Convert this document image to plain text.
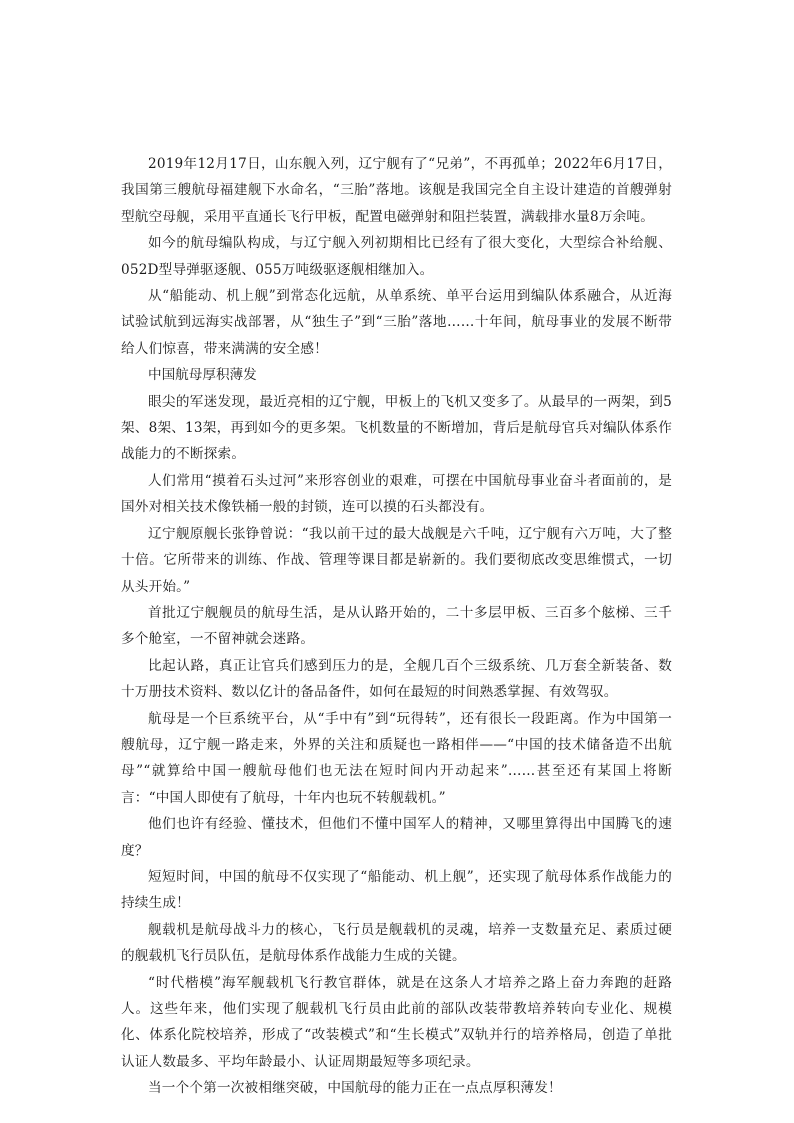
2019年12月17日，山东舰入列，辽宁舰有了“兄弟”，不再孤单；2022年6月17日，我国第三艘航母福建舰下水命名，“三胎”落地。该舰是我国完全自主设计建造的首艘弹射型航空母舰，采用平直通长飞行甲板，配置电磁弹射和阻拦装置，满载排水量8万余吨。

如今的航母编队构成，与辽宁舰入列初期相比已经有了很大变化，大型综合补给舰、052D型导弹驱逐舰、055万吨级驱逐舰相继加入。

从“船能动、机上舰”到常态化远航，从单系统、单平台运用到编队体系融合，从近海试验试航到远海实战部署，从“独生子”到“三胎”落地……十年间，航母事业的发展不断带给人们惊喜，带来满满的安全感！

中国航母厚积薄发

眼尖的军迷发现，最近亮相的辽宁舰，甲板上的飞机又变多了。从最早的一两架，到5架、8架、13架，再到如今的更多架。飞机数量的不断增加，背后是航母官兵对编队体系作战能力的不断探索。

人们常用“摸着石头过河”来形容创业的艰难，可摆在中国航母事业奋斗者面前的，是国外对相关技术像铁桶一般的封锁，连可以摸的石头都没有。

辽宁舰原舰长张铮曾说：“我以前干过的最大战舰是六千吨，辽宁舰有六万吨，大了整十倍。它所带来的训练、作战、管理等课目都是崭新的。我们要彻底改变思维惯式，一切从头开始。”

首批辽宁舰舰员的航母生活，是从认路开始的，二十多层甲板、三百多个舷梯、三千多个舱室，一不留神就会迷路。

比起认路，真正让官兵们感到压力的是，全舰几百个三级系统、几万套全新装备、数十万册技术资料、数以亿计的备品备件，如何在最短的时间熟悉掌握、有效驾驭。

航母是一个巨系统平台，从“手中有”到“玩得转”，还有很长一段距离。作为中国第一艘航母，辽宁舰一路走来，外界的关注和质疑也一路相伴——“中国的技术储备造不出航母”“就算给中国一艘航母他们也无法在短时间内开动起来”……甚至还有某国上将断言：“中国人即使有了航母，十年内也玩不转舰载机。”

他们也许有经验、懂技术，但他们不懂中国军人的精神，又哪里算得出中国腾飞的速度？

短短时间，中国的航母不仅实现了“船能动、机上舰”，还实现了航母体系作战能力的持续生成！

舰载机是航母战斗力的核心，飞行员是舰载机的灵魂，培养一支数量充足、素质过硬的舰载机飞行员队伍，是航母体系作战能力生成的关键。

“时代楷模”海军舰载机飞行教官群体，就是在这条人才培养之路上奋力奔跑的赶路人。这些年来，他们实现了舰载机飞行员由此前的部队改装带教培养转向专业化、规模化、体系化院校培养，形成了“改装模式”和“生长模式”双轨并行的培养格局，创造了单批认证人数最多、平均年龄最小、认证周期最短等多项纪录。

当一个个第一次被相继突破，中国航母的能力正在一点点厚积薄发！
